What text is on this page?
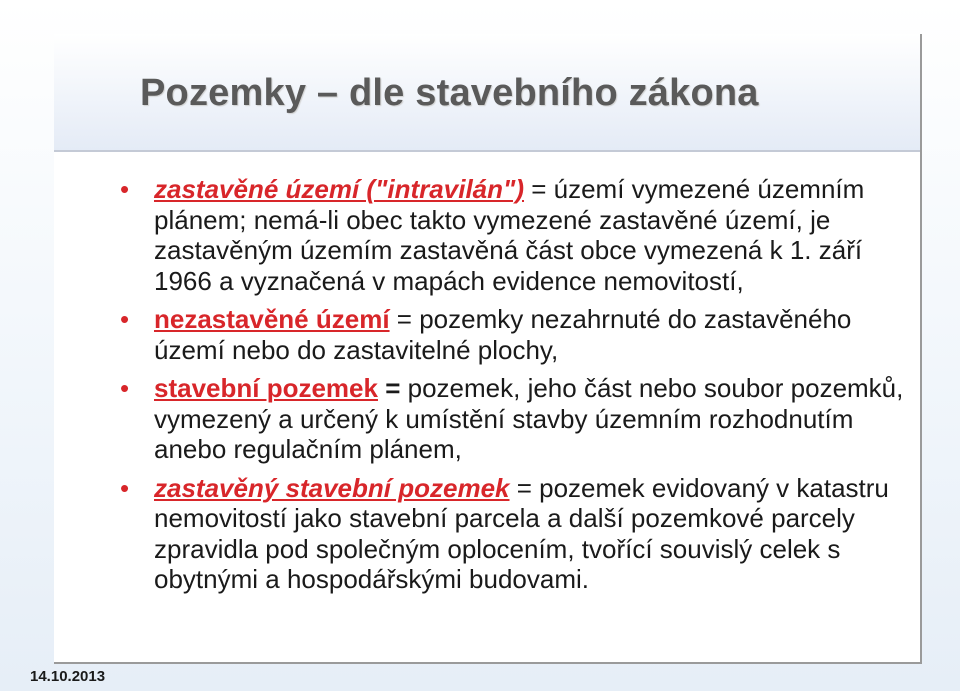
Pozemky – dle stavebního zákona
• zastavěné území ("intravilán") = území vymezené územním plánem; nemá-li obec takto vymezené zastavěné území, je zastavěným územím zastavěná část obce vymezená k 1. září 1966 a vyznačená v mapách evidence nemovitostí,
• nezastavěné území = pozemky nezahrnuté do zastavěného území nebo do zastavitelné plochy,
• stavební pozemek = pozemek, jeho část nebo soubor pozemků, vymezený a určený k umístění stavby územním rozhodnutím anebo regulačním plánem,
• zastavěný stavební pozemek = pozemek evidovaný v katastru nemovitostí jako stavební parcela a další pozemkové parcely zpravidla pod společným oplocením, tvořící souvislý celek s obytnými a hospodářskými budovami.
14.10.2013
